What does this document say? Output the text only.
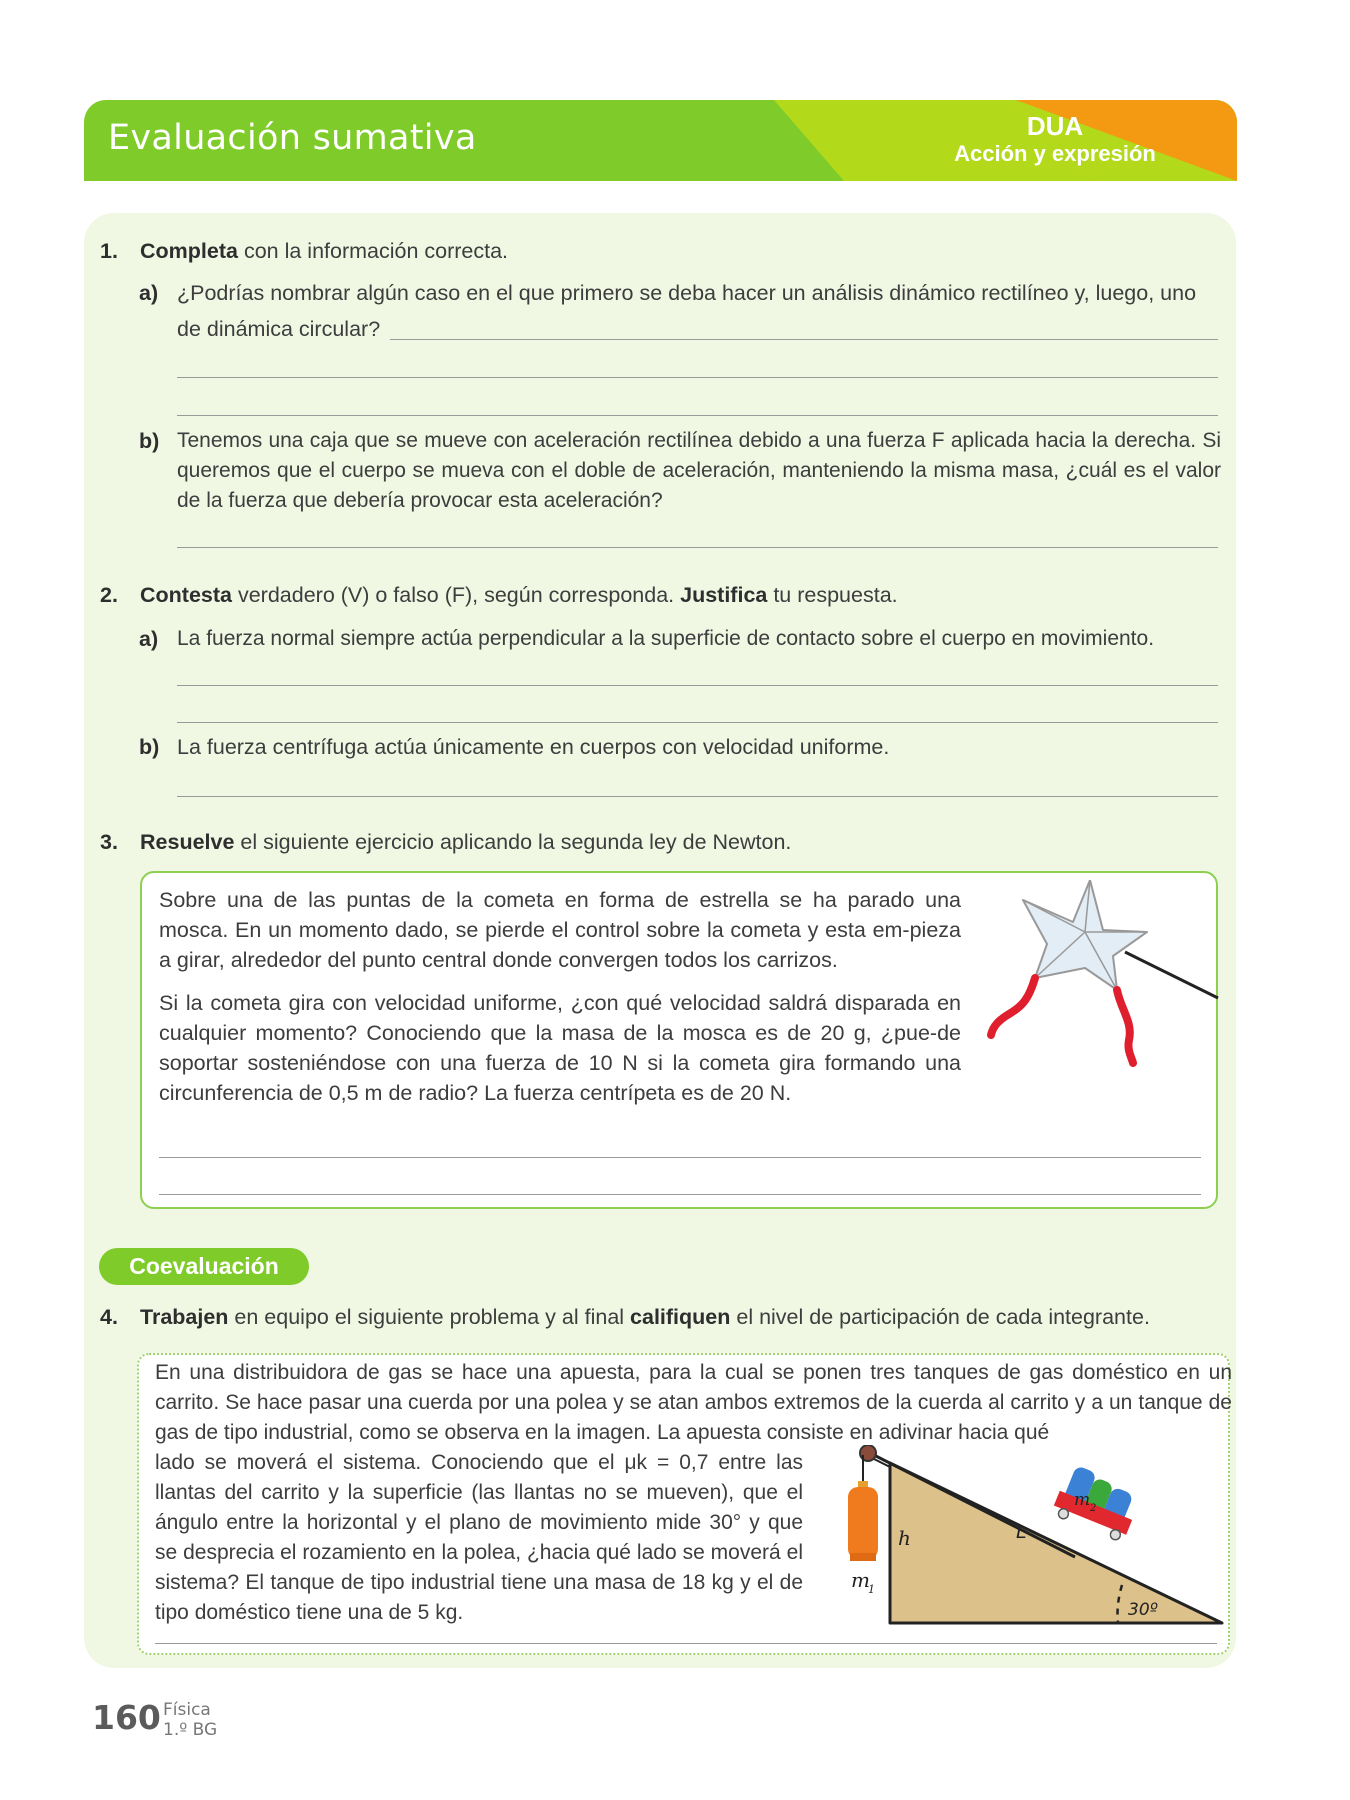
Evaluación sumativa	DUA
Acción y expresión
1. Completa con la información correcta.
a) ¿Podrías nombrar algún caso en el que primero se deba hacer un análisis dinámico rectilíneo y, luego, uno
de dinámica circular?
b) Tenemos una caja que se mueve con aceleración rectilínea debido a una fuerza F aplicada hacia la derecha. Si queremos que el cuerpo se mueva con el doble de aceleración, manteniendo la misma masa, ¿cuál es el valor de la fuerza que debería provocar esta aceleración?
2. Contesta verdadero (V) o falso (F), según corresponda. Justifica tu respuesta.
a) La fuerza normal siempre actúa perpendicular a la superficie de contacto sobre el cuerpo en movimiento.
b) La fuerza centrífuga actúa únicamente en cuerpos con velocidad uniforme.
3. Resuelve el siguiente ejercicio aplicando la segunda ley de Newton.
Sobre una de las puntas de la cometa en forma de estrella se ha parado una mosca. En un momento dado, se pierde el control sobre la cometa y esta em-pieza a girar, alrededor del punto central donde convergen todos los carrizos.
Si la cometa gira con velocidad uniforme, ¿con qué velocidad saldrá disparada en cualquier momento? Conociendo que la masa de la mosca es de 20 g, ¿pue-de soportar sosteniéndose con una fuerza de 10 N si la cometa gira formando una circunferencia de 0,5 m de radio? La fuerza centrípeta es de 20 N.
Coevaluación
4. Trabajen en equipo el siguiente problema y al final califiquen el nivel de participación de cada integrante.
En una distribuidora de gas se hace una apuesta, para la cual se ponen tres tanques de gas doméstico en un carrito. Se hace pasar una cuerda por una polea y se atan ambos extremos de la cuerda al carrito y a un tanque de gas de tipo industrial, como se observa en la imagen. La apuesta consiste en adivinar hacia qué
lado se moverá el sistema. Conociendo que el μk = 0,7 entre las llantas del carrito y la superficie (las llantas no se mueven), que el ángulo entre la horizontal y el plano de movimiento mide 30° y que se desprecia el rozamiento en la polea, ¿hacia qué lado se moverá el sistema? El tanque de tipo industrial tiene una masa de 18 kg y el de tipo doméstico tiene una de 5 kg.
m
1
h	L
m 2
30º
160 Física
1.º BG
